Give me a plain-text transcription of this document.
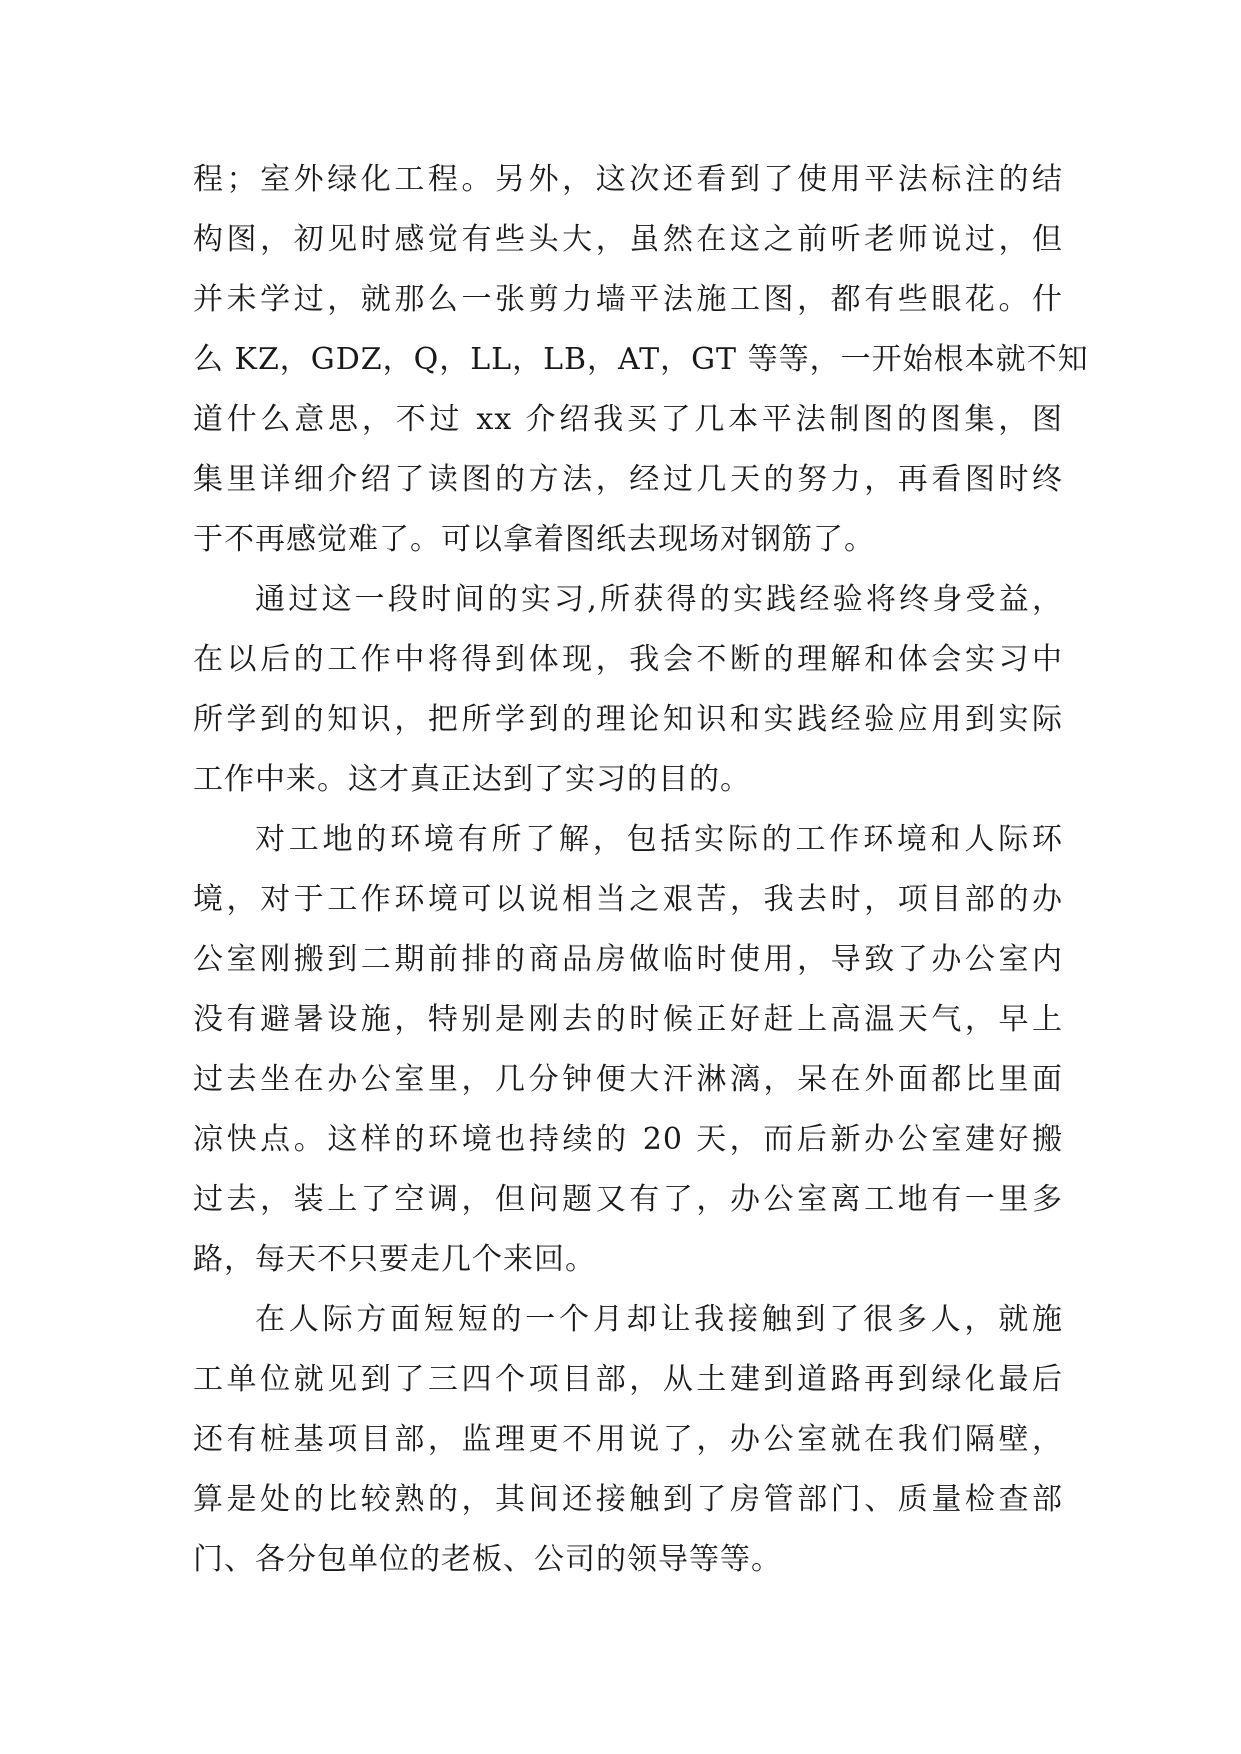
程；室外绿化工程。另外，这次还看到了使用平法标注的结
构图，初见时感觉有些头大，虽然在这之前听老师说过，但
并未学过，就那么一张剪力墙平法施工图，都有些眼花。什
么 KZ，GDZ，Q，LL，LB，AT，GT 等等，一开始根本就不知
道什么意思，不过 xx 介绍我买了几本平法制图的图集，图
集里详细介绍了读图的方法，经过几天的努力，再看图时终
于不再感觉难了。可以拿着图纸去现场对钢筋了。
通过这一段时间的实习,所获得的实践经验将终身受益，
在以后的工作中将得到体现，我会不断的理解和体会实习中
所学到的知识，把所学到的理论知识和实践经验应用到实际
工作中来。这才真正达到了实习的目的。
对工地的环境有所了解，包括实际的工作环境和人际环
境，对于工作环境可以说相当之艰苦，我去时，项目部的办
公室刚搬到二期前排的商品房做临时使用，导致了办公室内
没有避暑设施，特别是刚去的时候正好赶上高温天气，早上
过去坐在办公室里，几分钟便大汗淋漓，呆在外面都比里面
凉快点。这样的环境也持续的 20 天，而后新办公室建好搬
过去，装上了空调，但问题又有了，办公室离工地有一里多
路，每天不只要走几个来回。
在人际方面短短的一个月却让我接触到了很多人，就施
工单位就见到了三四个项目部，从土建到道路再到绿化最后
还有桩基项目部，监理更不用说了，办公室就在我们隔壁，
算是处的比较熟的，其间还接触到了房管部门、质量检查部
门、各分包单位的老板、公司的领导等等。
